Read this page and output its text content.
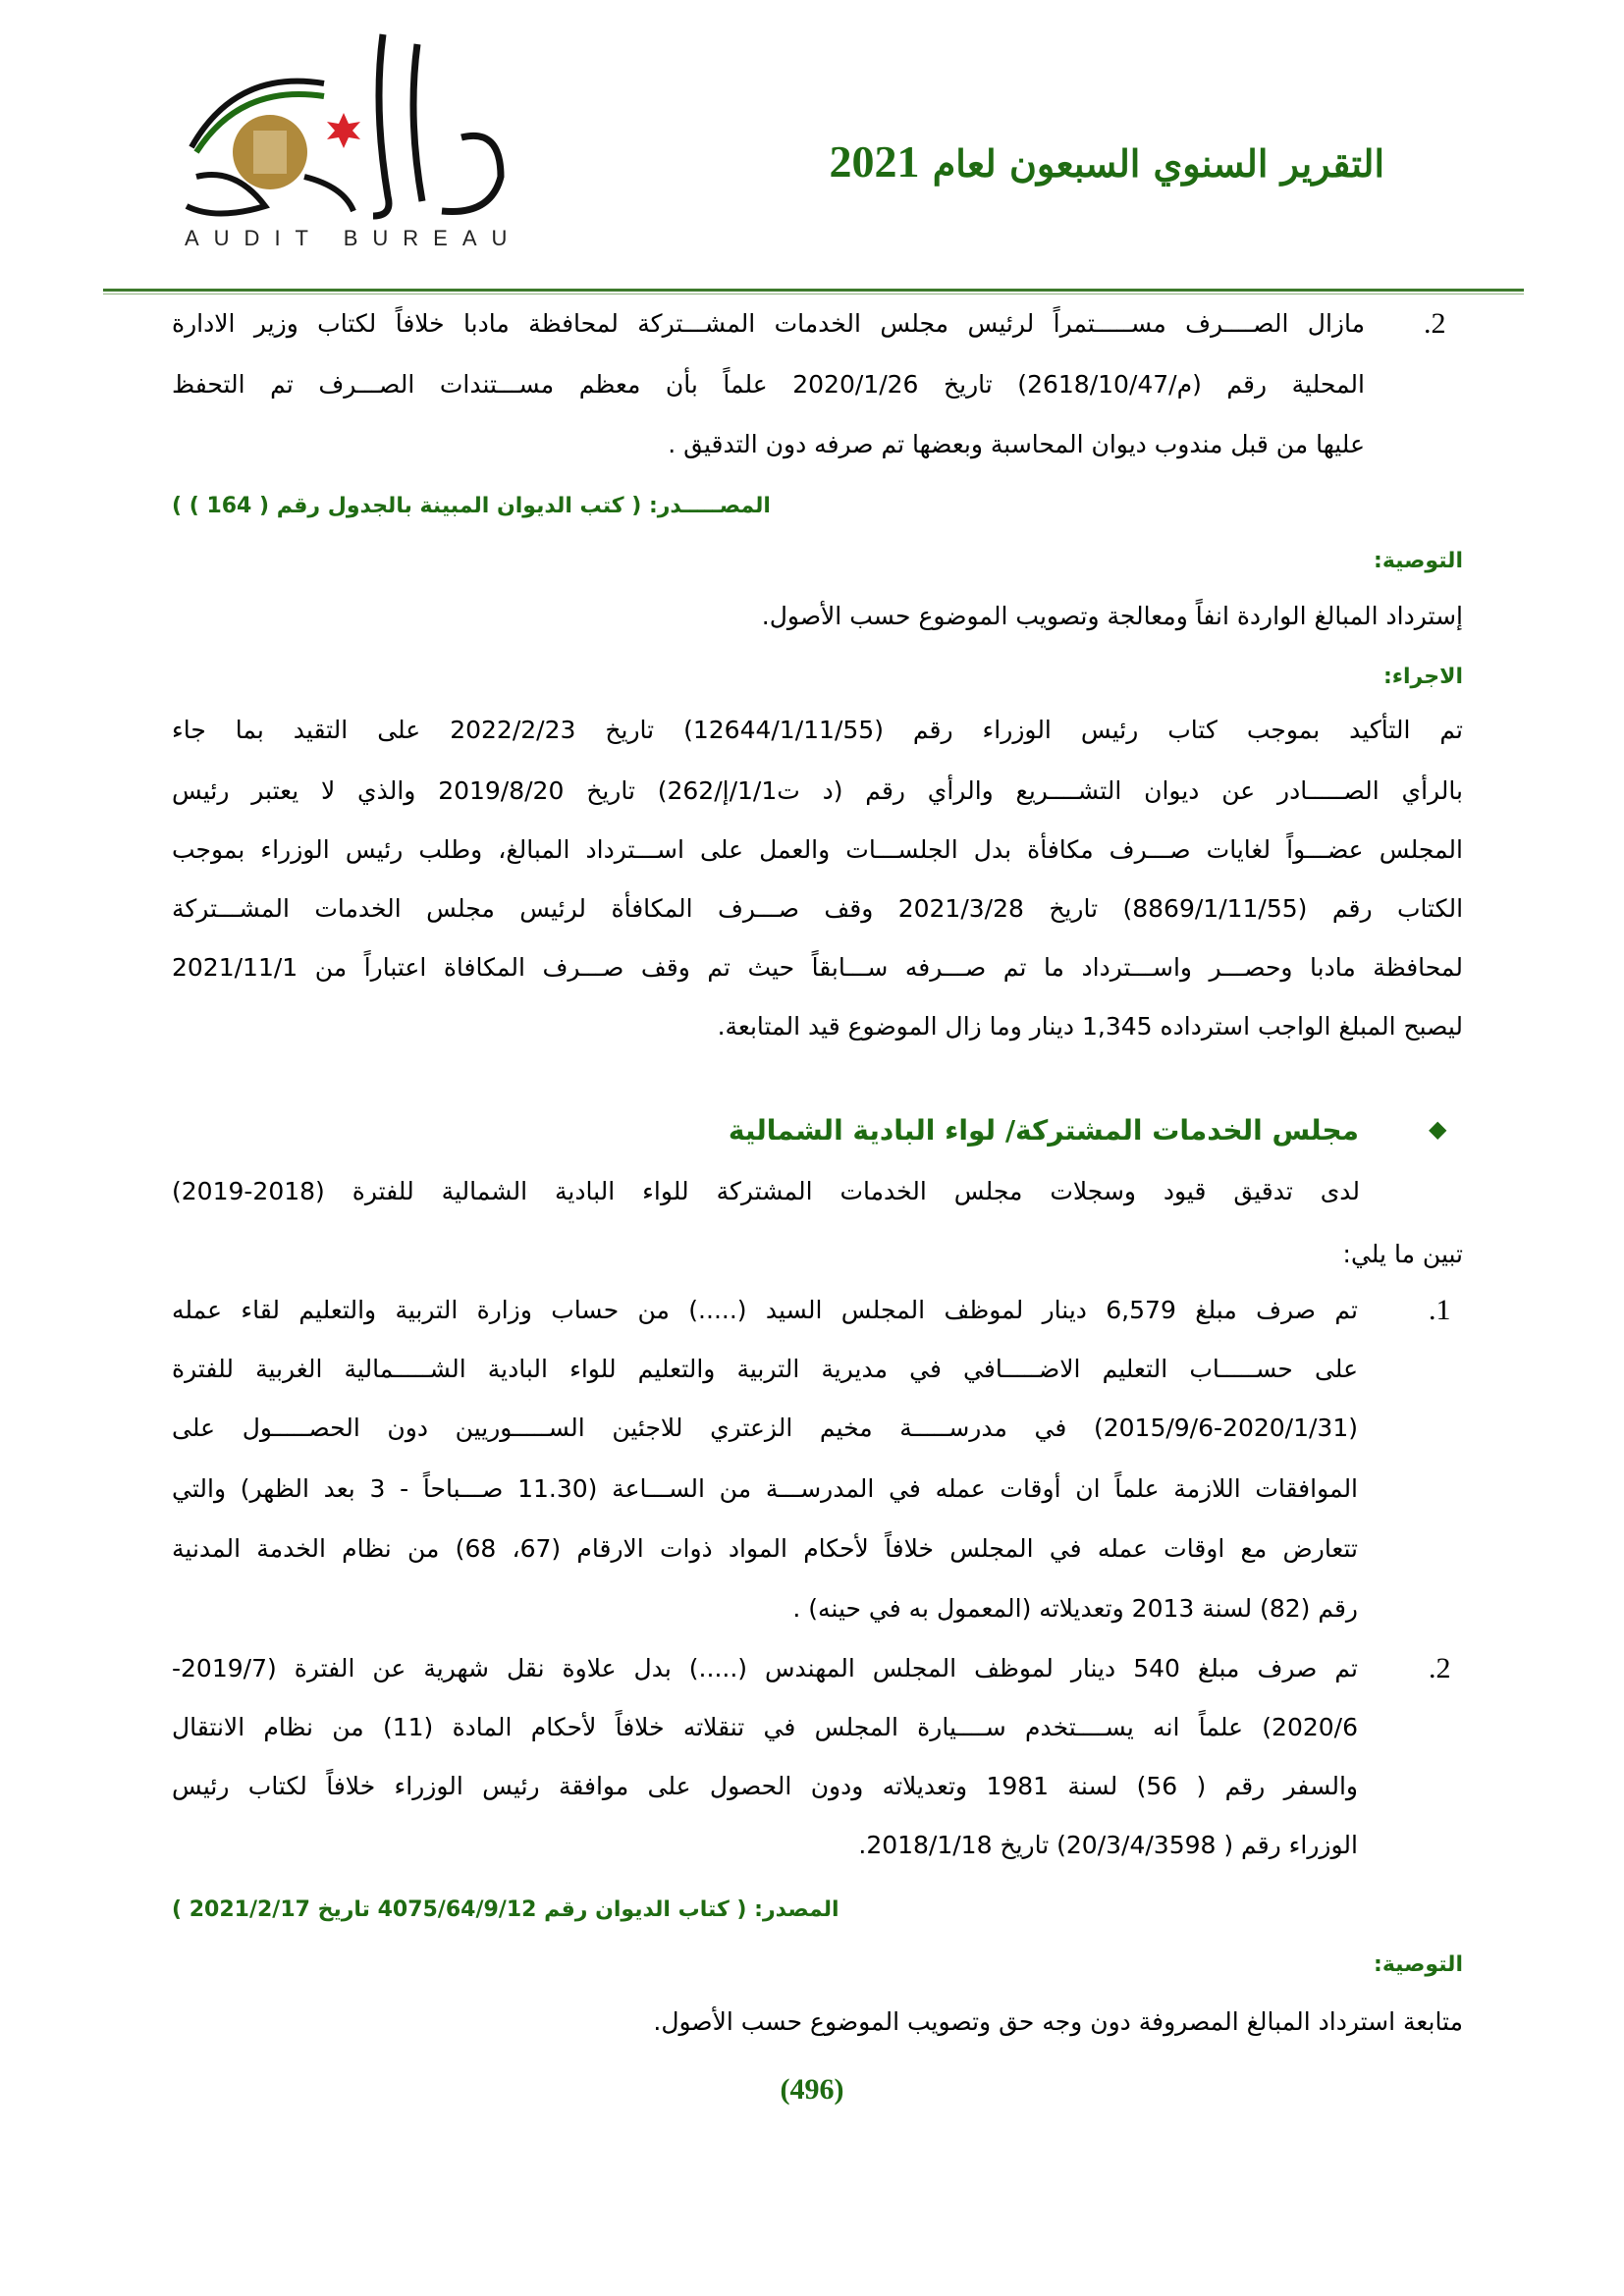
AUDIT BUREAU
التقرير السنوي السبعون لعام 2021
.2
مازال الصــــرف مســـــتمراً لرئيس مجلس الخدمات المشـــتركة لمحافظة مادبا خلافاً لكتاب وزير الادارة
المحلية رقم (م/2618/10/47) تاريخ 2020/1/26 علماً بأن معظم مســـتندات الصـــرف تم التحفظ
عليها من قبل مندوب ديوان المحاسبة وبعضها تم صرفه دون التدقيق .
المصـــــدر: ( كتب الديوان المبينة بالجدول رقم ( 164 ) )
التوصية:
إسترداد المبالغ الواردة انفاً ومعالجة وتصويب الموضوع حسب الأصول.
الاجراء:
تم التأكيد بموجب كتاب رئيس الوزراء رقم (12644/1/11/55) تاريخ 2022/2/23 على التقيد بما جاء
بالرأي الصـــــادر عن ديوان التشــــريع والرأي رقم (د ت1/1/إ/262) تاريخ 2019/8/20 والذي لا يعتبر رئيس
المجلس عضـــواً لغايات صـــرف مكافأة بدل الجلســـات والعمل على اســـترداد المبالغ، وطلب رئيس الوزراء بموجب
الكتاب رقم (8869/1/11/55) تاريخ 2021/3/28 وقف صـــرف المكافأة لرئيس مجلس الخدمات المشـــتركة
لمحافظة مادبا وحصـــر واســـترداد ما تم صـــرفه ســـابقاً حيث تم وقف صـــرف المكافاة اعتباراً من 2021/11/1
ليصبح المبلغ الواجب استرداده 1,345 دينار وما زال الموضوع قيد المتابعة.
◆
مجلس الخدمات المشتركة/ لواء البادية الشمالية
لدى تدقيق قيود وسجلات مجلس الخدمات المشتركة للواء البادية الشمالية للفترة (2018-2019)
تبين ما يلي:
.1
تم صرف مبلغ 6,579 دينار لموظف المجلس السيد (.....) من حساب وزارة التربية والتعليم لقاء عمله
على حســـــاب التعليم الاضـــــافي في مديرية التربية والتعليم للواء البادية الشـــــمالية الغربية للفترة
(2015/9/6-2020/1/31) في مدرســـــة مخيم الزعتري للاجئين الســـــوريين دون الحصـــــول على
الموافقات اللازمة علماً ان أوقات عمله في المدرســـة من الســـاعة (11.30 صـــباحاً - 3 بعد الظهر) والتي
تتعارض مع اوقات عمله في المجلس خلافاً لأحكام المواد ذوات الارقام (67، 68) من نظام الخدمة المدنية
رقم (82) لسنة 2013 وتعديلاته (المعمول به في حينه) .
.2
تم صرف مبلغ 540 دينار لموظف المجلس المهندس (.....) بدل علاوة نقل شهرية عن الفترة (2019/7-
2020/6) علماً انه يســــتخدم ســــيارة المجلس في تنقلاته خلافاً لأحكام المادة (11) من نظام الانتقال
والسفر رقم ( 56) لسنة 1981 وتعديلاته ودون الحصول على موافقة رئيس الوزراء خلافاً لكتاب رئيس
الوزراء رقم ( 20/3/4/3598) تاريخ 2018/1/18.
المصدر: ( كتاب الديوان رقم 4075/64/9/12 تاريخ 2021/2/17 )
التوصية:
متابعة استرداد المبالغ المصروفة دون وجه حق وتصويب الموضوع حسب الأصول.
(496)
